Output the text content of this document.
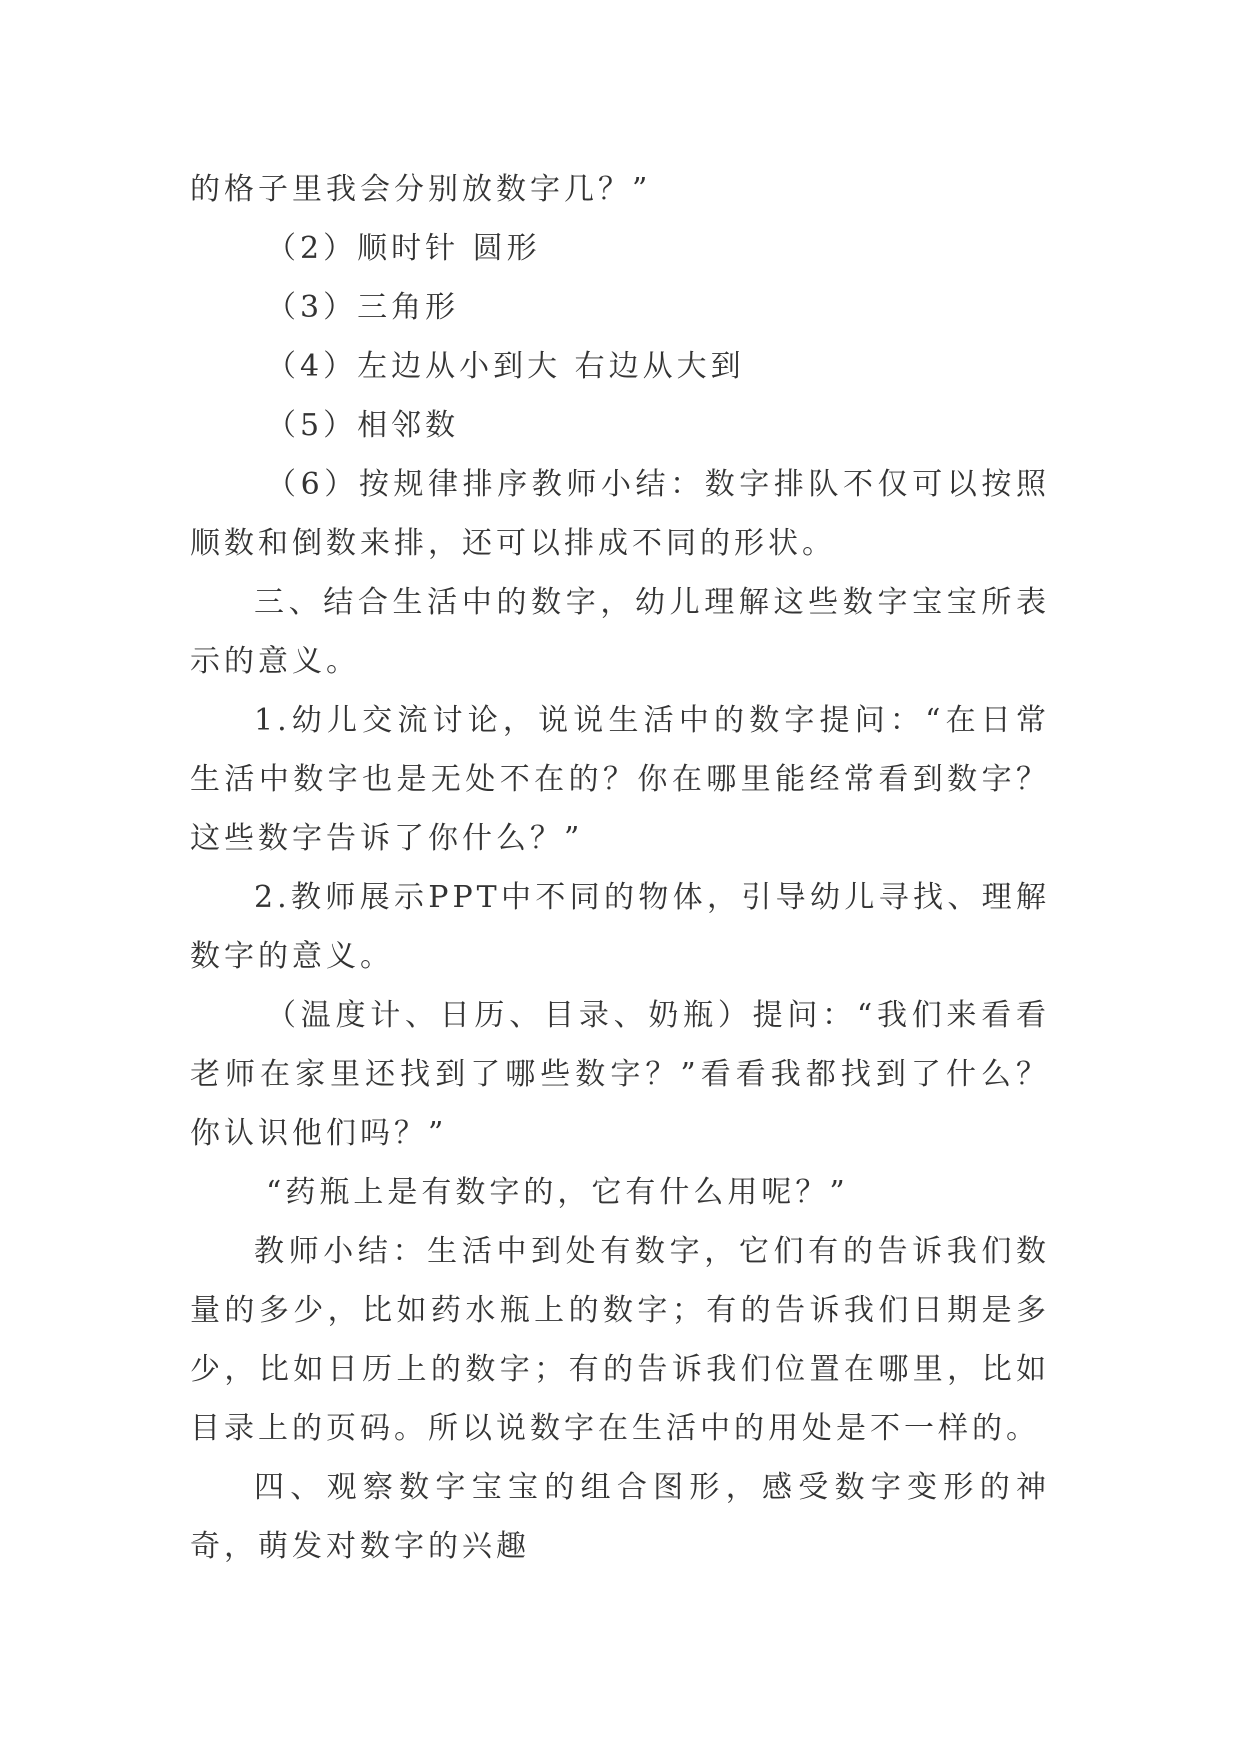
的格子里我会分别放数字几？”

（2）顺时针 圆形

（3）三角形

（4）左边从小到大 右边从大到

（5）相邻数

（6）按规律排序教师小结：数字排队不仅可以按照顺数和倒数来排，还可以排成不同的形状。

三、结合生活中的数字，幼儿理解这些数字宝宝所表示的意义。

1.幼儿交流讨论，说说生活中的数字提问：“在日常生活中数字也是无处不在的？你在哪里能经常看到数字？这些数字告诉了你什么？”

2.教师展示PPT中不同的物体，引导幼儿寻找、理解数字的意义。

（温度计、日历、目录、奶瓶）提问：“我们来看看老师在家里还找到了哪些数字？”看看我都找到了什么？你认识他们吗？”

“药瓶上是有数字的，它有什么用呢？”

教师小结：生活中到处有数字，它们有的告诉我们数量的多少，比如药水瓶上的数字；有的告诉我们日期是多少，比如日历上的数字；有的告诉我们位置在哪里，比如目录上的页码。所以说数字在生活中的用处是不一样的。

四、观察数字宝宝的组合图形，感受数字变形的神奇，萌发对数字的兴趣
